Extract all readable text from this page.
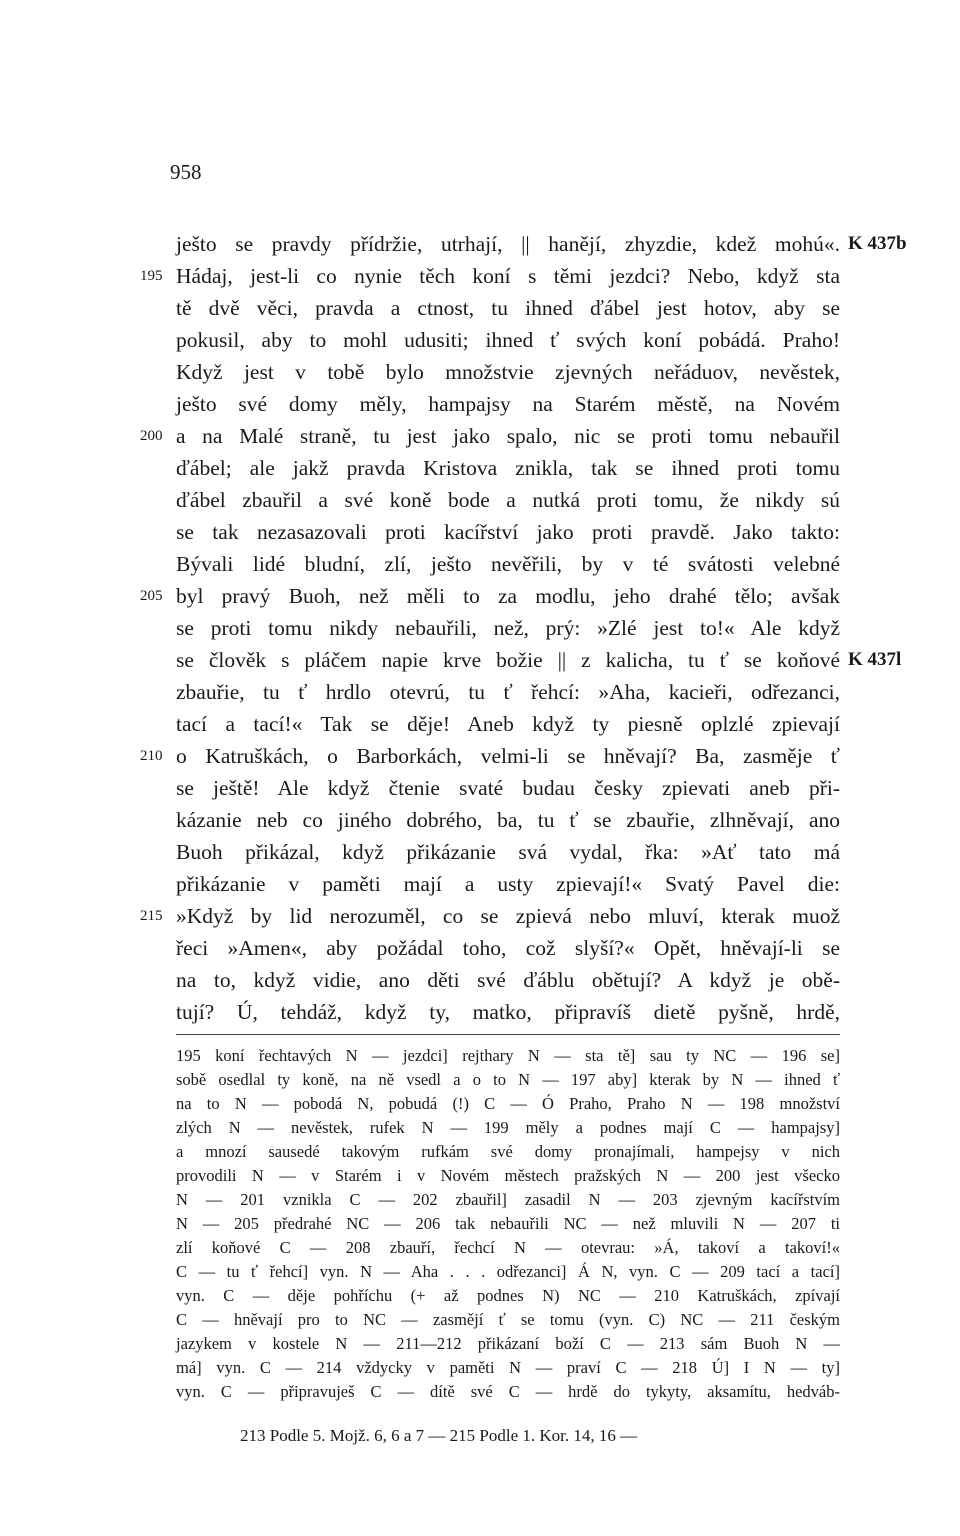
958
ješto se pravdy přídržie, utrhají, || hanějí, zhyzdie, kdež mohú«.
Hádaj, jest-li co nynie těch koní s těmi jezdci? Nebo, když sta
tě dvě věci, pravda a ctnost, tu ihned ďábel jest hotov, aby se
pokusil, aby to mohl udusiti; ihned ť svých koní pobádá. Praho!
Když jest v tobě bylo množstvie zjevných neřáduov, nevěstek,
ješto své domy měly, hampajsy na Starém městě, na Novém
a na Malé straně, tu jest jako spalo, nic se proti tomu nebauřil
ďábel; ale jakž pravda Kristova znikla, tak se ihned proti tomu
ďábel zbauřil a své koně bode a nutká proti tomu, že nikdy sú
se tak nezasazovali proti kacířství jako proti pravdě. Jako takto:
Bývali lidé bludní, zlí, ješto nevěřili, by v té svátosti velebné
byl pravý Buoh, než měli to za modlu, jeho drahé tělo; avšak
se proti tomu nikdy nebauřili, než, prý: »Zlé jest to!« Ale když
se člověk s pláčem napie krve božie || z kalicha, tu ť se koňové
zbauřie, tu ť hrdlo otevrú, tu ť řehcí: »Aha, kacieři, odřezanci,
tací a tací!« Tak se děje! Aneb když ty piesně oplzlé zpievají
o Katruškách, o Barborkách, velmi-li se hněvají? Ba, zasměje ť
se ještě! Ale když čtenie svaté budau česky zpievati aneb při-
kázanie neb co jiného dobrého, ba, tu ť se zbauřie, zlhněvají, ano
Buoh přikázal, když přikázanie svá vydal, řka: »Ať tato má
přikázanie v paměti mají a usty zpievají!« Svatý Pavel die:
»Když by lid nerozuměl, co se zpievá nebo mluví, kterak muož
řeci »Amen«, aby požádal toho, což slyší?« Opět, hněvají-li se
na to, když vidie, ano děti své ďáblu obětují? A když je obě-
tují? Ú, tehdáž, když ty, matko, připravíš dietě pyšně, hrdě,
195
200
205
210
215
K 437b
K 437l
195 koní řechtavých N — jezdci] rejthary N — sta tě] sau ty NC — 196 se]
sobě osedlal ty koně, na ně vsedl a o to N — 197 aby] kterak by N — ihned ť
na to N — pobodá N, pobudá (!) C — Ó Praho, Praho N — 198 množství
zlých N — nevěstek, rufek N — 199 měly a podnes mají C — hampajsy]
a mnozí sausedé takovým rufkám své domy pronajímali, hampejsy v nich
provodili N — v Starém i v Novém městech pražských N — 200 jest všecko
N — 201 vznikla C — 202 zbauřil] zasadil N — 203 zjevným kacířstvím
N — 205 předrahé NC — 206 tak nebauřili NC — než mluvili N — 207 ti
zlí koňové C — 208 zbauří, řechcí N — otevrau: »Á, takoví a takoví!«
C — tu ť řehcí] vyn. N — Aha . . . odřezanci] Á N, vyn. C — 209 tací a tací]
vyn. C — děje pohříchu (+ až podnes N) NC — 210 Katruškách, zpívají
C — hněvají pro to NC — zasmějí ť se tomu (vyn. C) NC — 211 českým
jazykem v kostele N — 211—212 přikázaní boží C — 213 sám Buoh N —
má] vyn. C — 214 vždycky v paměti N — praví C — 218 Ú] I N — ty]
vyn. C — připravuješ C — dítě své C — hrdě do tykyty, aksamítu, hedváb-
213 Podle 5. Mojž. 6, 6 a 7 — 215 Podle 1. Kor. 14, 16 —
